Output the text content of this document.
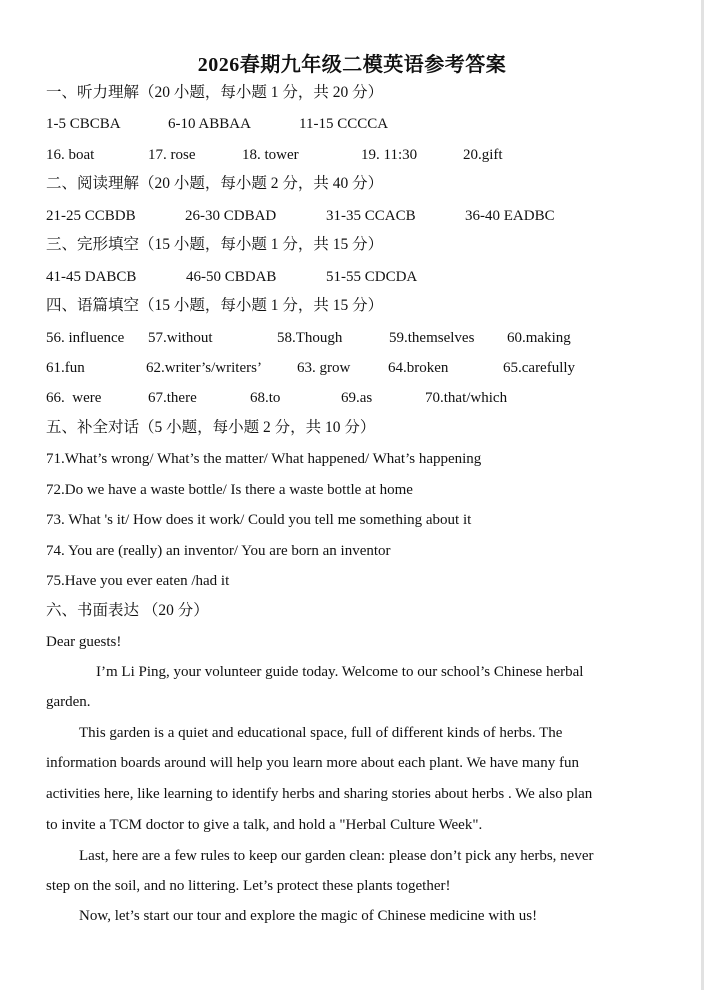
2026春期九年级二模英语参考答案
一、听力理解（20 小题，每小题 1 分，共 20 分）
1-5 CBCBA	6-10 ABBAA	11-15 CCCCA
16. boat	17. rose	18. tower	19. 11:30	20.gift
二、阅读理解（20 小题，每小题 2 分，共 40 分）
21-25 CCBDB	26-30 CDBAD	31-35 CCACB	36-40 EADBC
三、完形填空（15 小题，每小题 1 分，共 15 分）
41-45 DABCB	46-50 CBDAB	51-55 CDCDA
四、语篇填空（15 小题，每小题 1 分，共 15 分）
56. influence 57.without	58.Though	59.themselves 60.making
61.fun	62.writer’s/writers’ 63. grow	64.broken	65.carefully
66.  were	67.there	68.to	69.as	70.that/which
五、补全对话（5 小题，每小题 2 分，共 10 分）
71.What’s wrong/ What’s the matter/ What happened/ What’s happening
72.Do we have a waste bottle/ Is there a waste bottle at home
73. What 's it/ How does it work/ Could you tell me something about it
74. You are (really) an inventor/ You are born an inventor
75.Have you ever eaten /had it
六、书面表达 （20 分）
Dear guests!
I’m Li Ping, your volunteer guide today. Welcome to our school’s Chinese herbal
garden.
This garden is a quiet and educational space, full of different kinds of herbs. The
information boards around will help you learn more about each plant. We have many fun
activities here, like learning to identify herbs and sharing stories about herbs . We also plan
to invite a TCM doctor to give a talk, and hold a "Herbal Culture Week".
Last, here are a few rules to keep our garden clean: please don’t pick any herbs, never
step on the soil, and no littering. Let’s protect these plants together!
Now, let’s start our tour and explore the magic of Chinese medicine with us!
